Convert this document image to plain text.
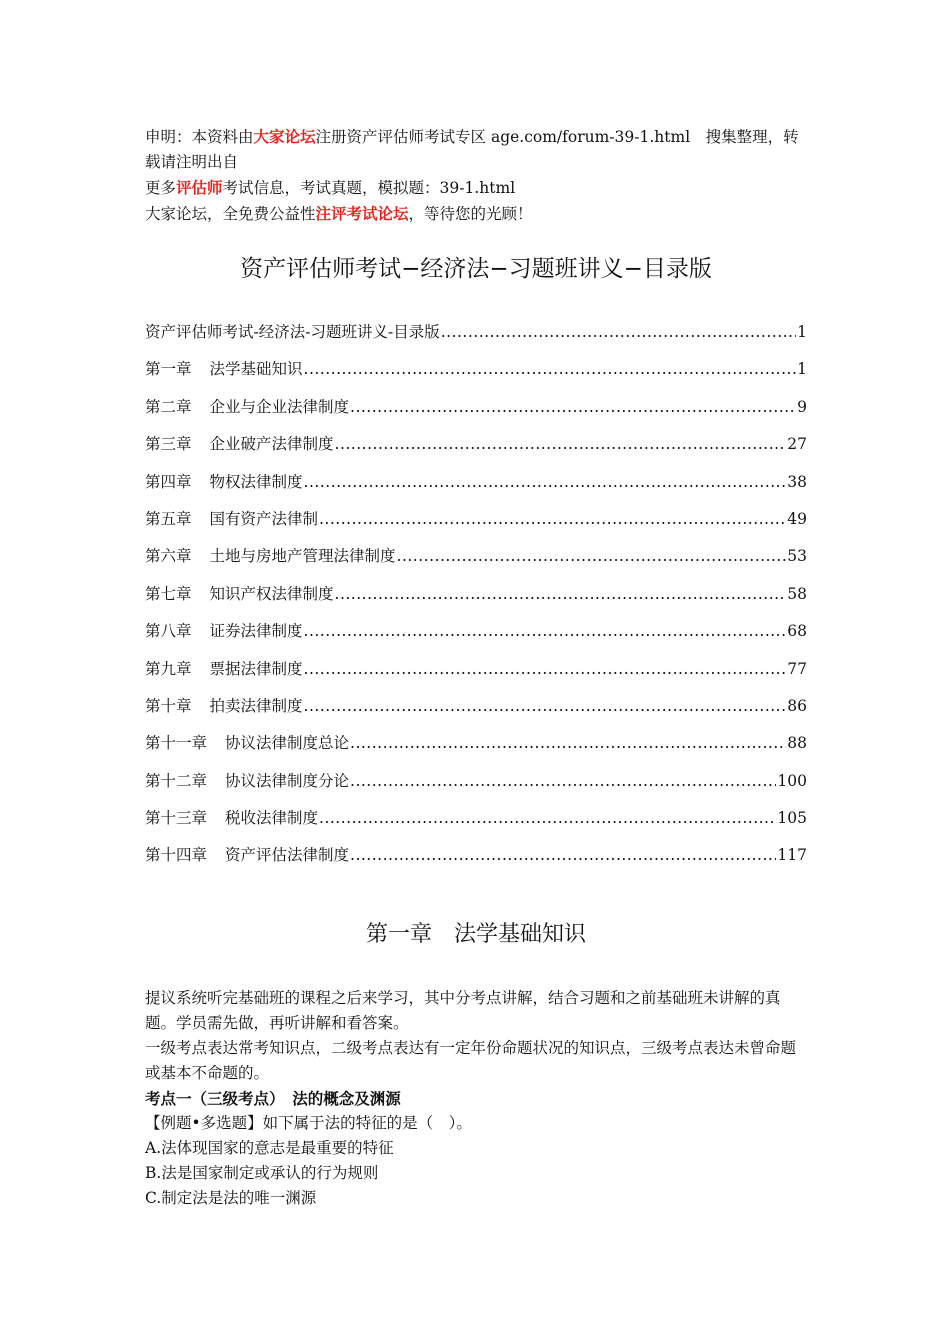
申明：本资料由大家论坛注册资产评估师考试专区 age.com/forum-39-1.html　搜集整理，转载请注明出自

更多评估师考试信息，考试真题，模拟题：39-1.html

大家论坛，全免费公益性注评考试论坛，等待您的光顾！

资产评估师考试−经济法−习题班讲义−目录版
资产评估师考试-经济法-习题班讲义-目录版 .....	1
第一章 法学基础知识 .....	1
第二章 企业与企业法律制度 .....	9
第三章 企业破产法律制度 .....	27
第四章 物权法律制度 .....	38
第五章 国有资产法律制 .....	49
第六章 土地与房地产管理法律制度 .....	53
第七章 知识产权法律制度 .....	58
第八章 证券法律制度 .....	68
第九章 票据法律制度 .....	77
第十章 拍卖法律制度 .....	86
第十一章 协议法律制度总论 .....	88
第十二章 协议法律制度分论 .....	100
第十三章 税收法律制度 .....	105
第十四章 资产评估法律制度 .....	117
第一章　法学基础知识

提议系统听完基础班的课程之后来学习，其中分考点讲解，结合习题和之前基础班未讲解的真题。学员需先做，再听讲解和看答案。

一级考点表达常考知识点，二级考点表达有一定年份命题状况的知识点，三级考点表达未曾命题或基本不命题的。

考点一（三级考点）　法的概念及渊源

【例题•多选题】如下属于法的特征的是（　）。

A.法体现国家的意志是最重要的特征

B.法是国家制定或承认的行为规则

C.制定法是法的唯一渊源
